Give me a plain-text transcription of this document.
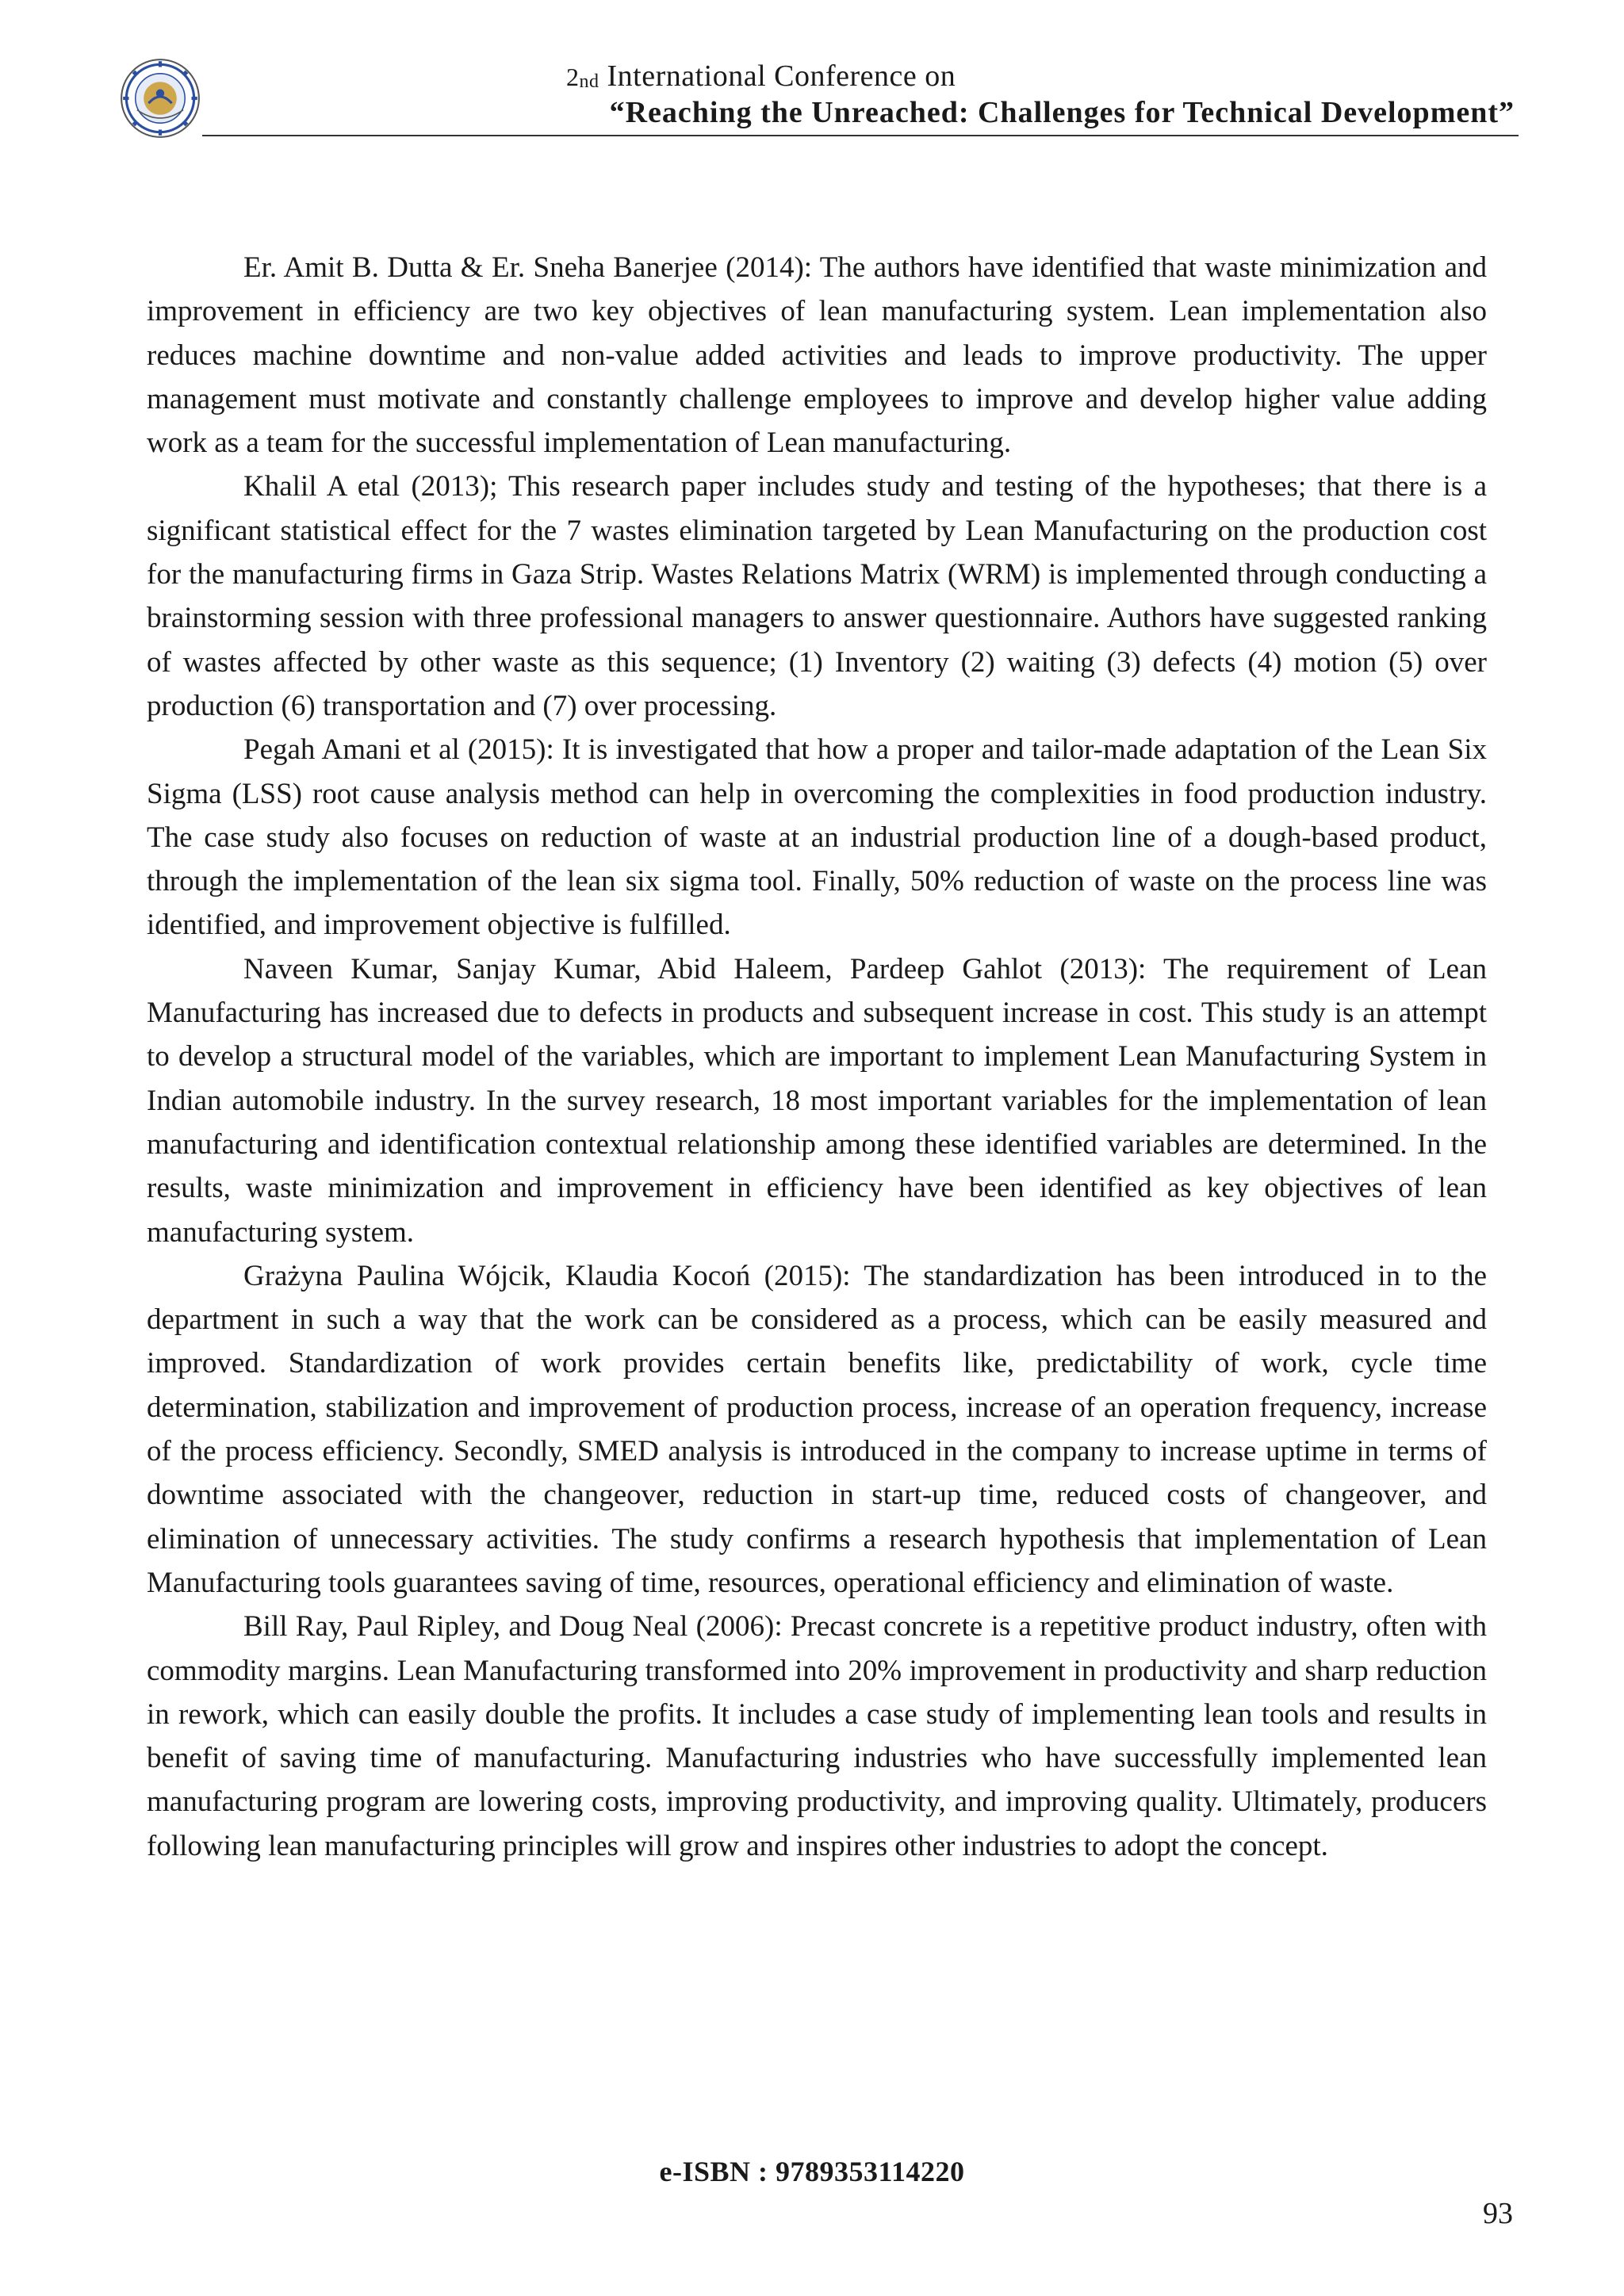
$2_{nd}$ International Conference on
“Reaching the Unreached: Challenges for Technical Development”

Er. Amit B. Dutta & Er. Sneha Banerjee (2014): The authors have identified that waste minimization and improvement in efficiency are two key objectives of lean manufacturing system. Lean implementation also reduces machine downtime and non-value added activities and leads to improve productivity. The upper management must motivate and constantly challenge employees to improve and develop higher value adding work as a team for the successful implementation of Lean manufacturing.

Khalil A etal (2013); This research paper includes study and testing of the hypotheses; that there is a significant statistical effect for the 7 wastes elimination targeted by Lean Manufacturing on the production cost for the manufacturing firms in Gaza Strip. Wastes Relations Matrix (WRM) is implemented through conducting a brainstorming session with three professional managers to answer questionnaire. Authors have suggested ranking of wastes affected by other waste as this sequence; (1) Inventory (2) waiting (3) defects (4) motion (5) over production (6) transportation and (7) over processing.

Pegah Amani et al (2015): It is investigated that how a proper and tailor-made adaptation of the Lean Six Sigma (LSS) root cause analysis method can help in overcoming the complexities in food production industry. The case study also focuses on reduction of waste at an industrial production line of a dough-based product, through the implementation of the lean six sigma tool. Finally, 50% reduction of waste on the process line was identified, and improvement objective is fulfilled.

Naveen Kumar, Sanjay Kumar, Abid Haleem, Pardeep Gahlot (2013): The requirement of Lean Manufacturing has increased due to defects in products and subsequent increase in cost. This study is an attempt to develop a structural model of the variables, which are important to implement Lean Manufacturing System in Indian automobile industry. In the survey research, 18 most important variables for the implementation of lean manufacturing and identification contextual relationship among these identified variables are determined. In the results, waste minimization and improvement in efficiency have been identified as key objectives of lean manufacturing system.

Grażyna Paulina Wójcik, Klaudia Kocoń (2015): The standardization has been introduced in to the department in such a way that the work can be considered as a process, which can be easily measured and improved. Standardization of work provides certain benefits like, predictability of work, cycle time determination, stabilization and improvement of production process, increase of an operation frequency, increase of the process efficiency. Secondly, SMED analysis is introduced in the company to increase uptime in terms of downtime associated with the changeover, reduction in start-up time, reduced costs of changeover, and elimination of unnecessary activities. The study confirms a research hypothesis that implementation of Lean Manufacturing tools guarantees saving of time, resources, operational efficiency and elimination of waste.

Bill Ray, Paul Ripley, and Doug Neal (2006): Precast concrete is a repetitive product industry, often with commodity margins. Lean Manufacturing transformed into 20% improvement in productivity and sharp reduction in rework, which can easily double the profits. It includes a case study of implementing lean tools and results in benefit of saving time of manufacturing. Manufacturing industries who have successfully implemented lean manufacturing program are lowering costs, improving productivity, and improving quality. Ultimately, producers following lean manufacturing principles will grow and inspires other industries to adopt the concept.

e-ISBN : 9789353114220
93
